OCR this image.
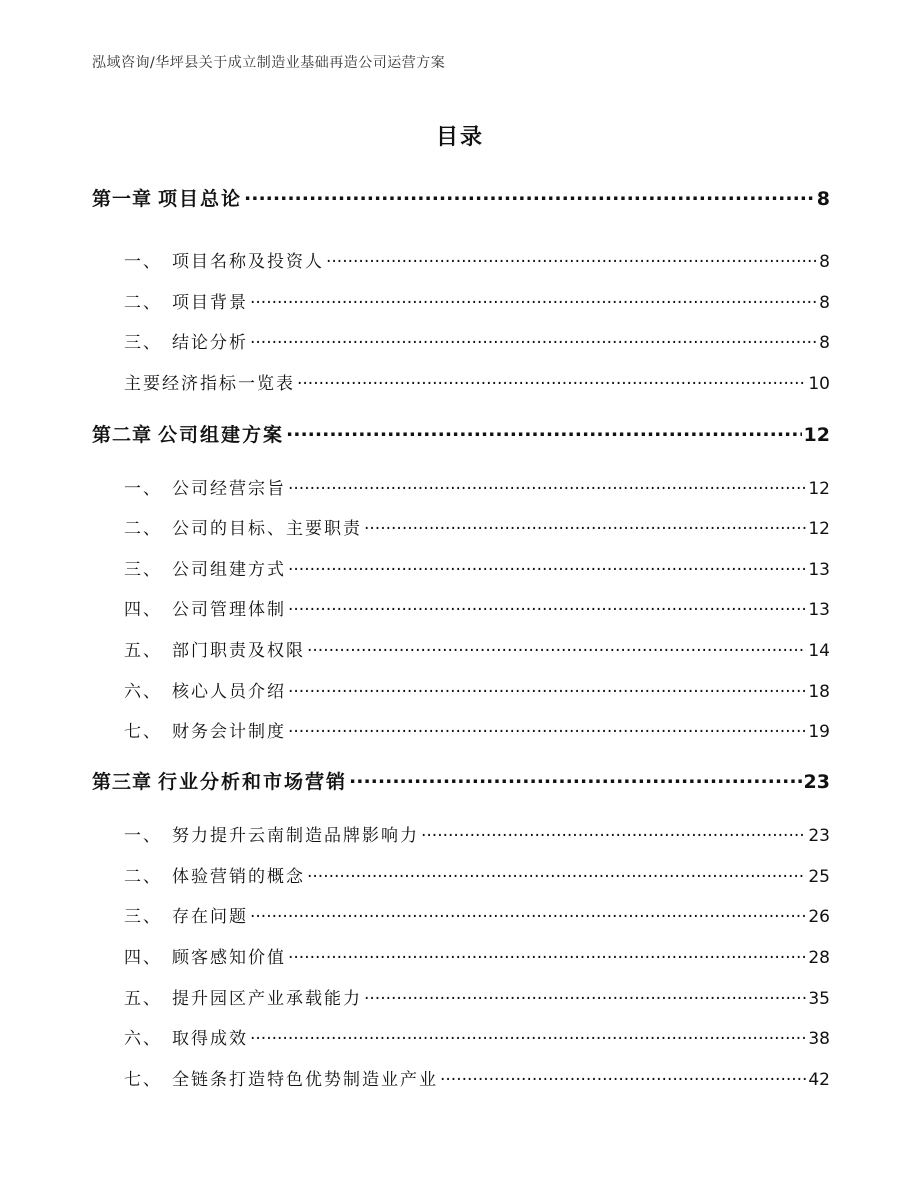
泓域咨询/华坪县关于成立制造业基础再造公司运营方案
目录
第一章 项目总论 .....	8
一、 项目名称及投资人 .....	8
二、 项目背景 .....	8
三、 结论分析 .....	8
主要经济指标一览表 .....	10
第二章 公司组建方案 .....	12
一、 公司经营宗旨 .....	12
二、 公司的目标、主要职责 .....	12
三、 公司组建方式 .....	13
四、 公司管理体制 .....	13
五、 部门职责及权限 .....	14
六、 核心人员介绍 .....	18
七、 财务会计制度 .....	19
第三章 行业分析和市场营销 .....	23
一、 努力提升云南制造品牌影响力 .....	23
二、 体验营销的概念 .....	25
三、 存在问题 .....	26
四、 顾客感知价值 .....	28
五、 提升园区产业承载能力 .....	35
六、 取得成效 .....	38
七、 全链条打造特色优势制造业产业 .....	42
